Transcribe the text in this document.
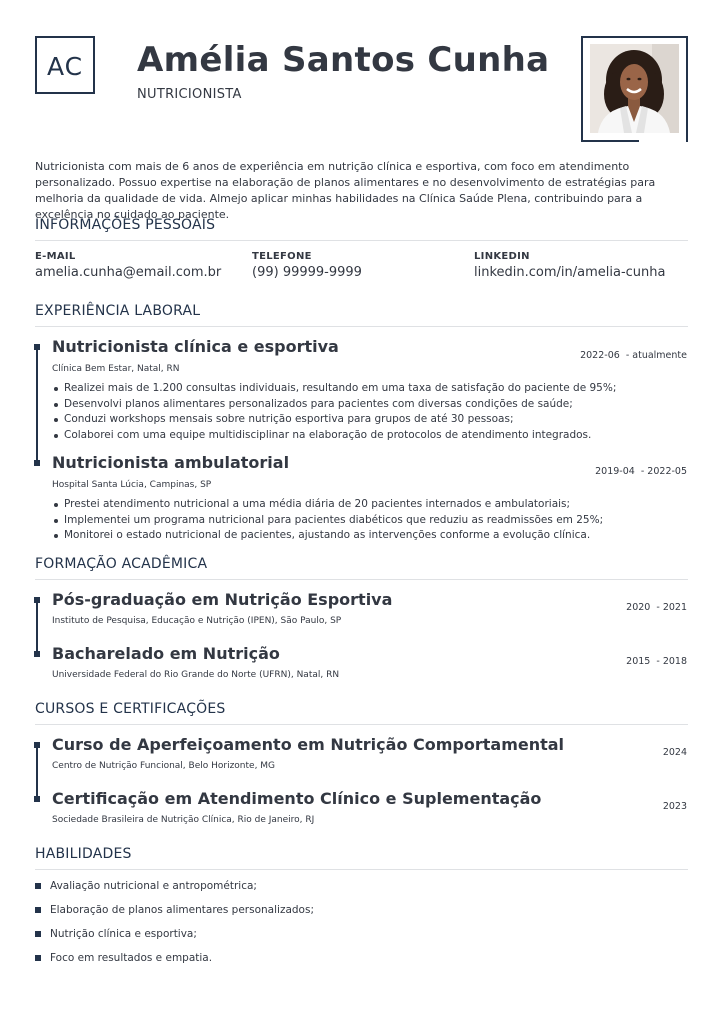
AC	Amélia Santos Cunha
NUTRICIONISTA

Nutricionista com mais de 6 anos de experiência em nutrição clínica e esportiva, com foco em atendimento personalizado. Possuo expertise na elaboração de planos alimentares e no desenvolvimento de estratégias para melhoria da qualidade de vida. Almejo aplicar minhas habilidades na Clínica Saúde Plena, contribuindo para a excelência no cuidado ao paciente.

INFORMAÇÕES PESSOAIS
E-MAIL
amelia.cunha@email.com.br
TELEFONE
(99) 99999-9999
LINKEDIN
linkedin.com/in/amelia-cunha
EXPERIÊNCIA LABORAL
Nutricionista clínica e esportiva	2022-06  - atualmente
Clínica Bem Estar, Natal, RN
Realizei mais de 1.200 consultas individuais, resultando em uma taxa de satisfação do paciente de 95%;
Desenvolvi planos alimentares personalizados para pacientes com diversas condições de saúde;
Conduzi workshops mensais sobre nutrição esportiva para grupos de até 30 pessoas;
Colaborei com uma equipe multidisciplinar na elaboração de protocolos de atendimento integrados.
Nutricionista ambulatorial	2019-04  - 2022-05
Hospital Santa Lúcia, Campinas, SP
Prestei atendimento nutricional a uma média diária de 20 pacientes internados e ambulatoriais;
Implementei um programa nutricional para pacientes diabéticos que reduziu as readmissões em 25%;
Monitorei o estado nutricional de pacientes, ajustando as intervenções conforme a evolução clínica.
FORMAÇÃO ACADÊMICA
Pós-graduação em Nutrição Esportiva	2020  - 2021
Instituto de Pesquisa, Educação e Nutrição (IPEN), São Paulo, SP
Bacharelado em Nutrição	2015  - 2018
Universidade Federal do Rio Grande do Norte (UFRN), Natal, RN
CURSOS E CERTIFICAÇÕES
Curso de Aperfeiçoamento em Nutrição Comportamental	2024
Centro de Nutrição Funcional, Belo Horizonte, MG
Certificação em Atendimento Clínico e Suplementação	2023
Sociedade Brasileira de Nutrição Clínica, Rio de Janeiro, RJ
HABILIDADES
Avaliação nutricional e antropométrica;
Elaboração de planos alimentares personalizados;
Nutrição clínica e esportiva;
Foco em resultados e empatia.
